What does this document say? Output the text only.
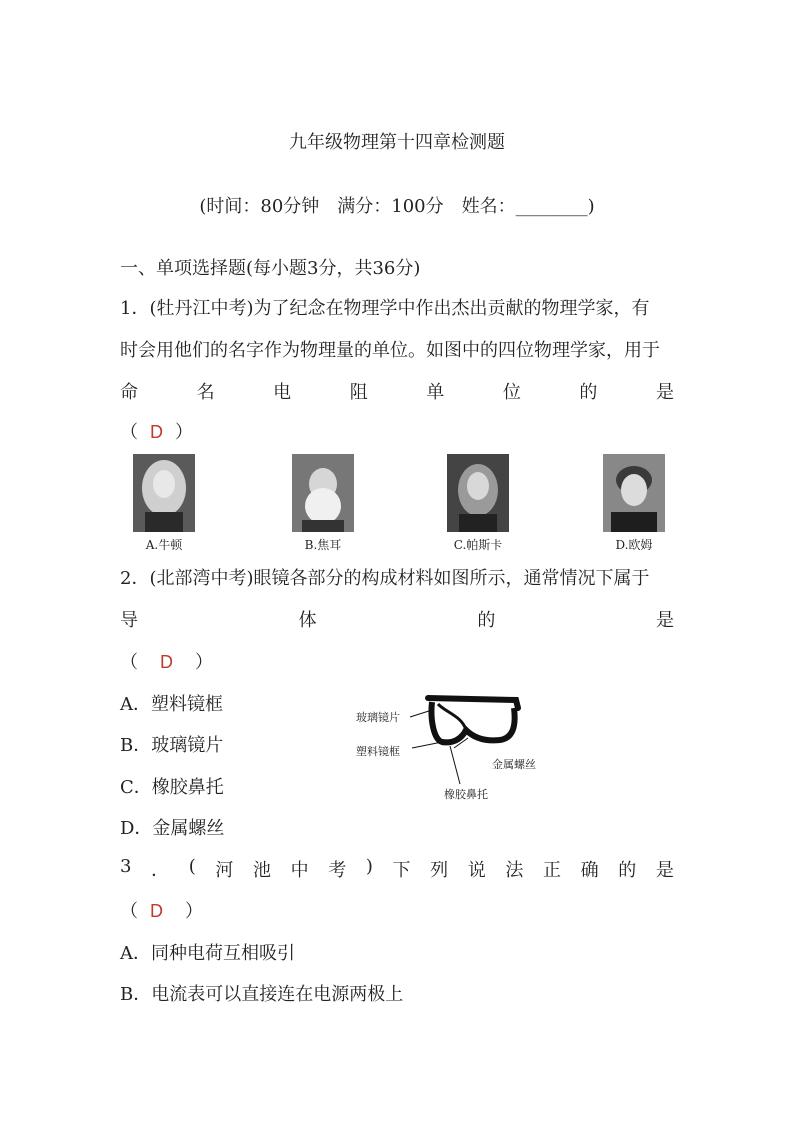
九年级物理第十四章检测题
(时间：80分钟　满分：100分　姓名：________)
一、单项选择题(每小题3分，共36分)
1．(牡丹江中考)为了纪念在物理学中作出杰出贡献的物理学家，有
时会用他们的名字作为物理量的单位。如图中的四位物理学家，用于
命	名	电	阻	单	位	的	是
（ D ）
A.牛顿	B.焦耳	C.帕斯卡	D.欧姆
2．(北部湾中考)眼镜各部分的构成材料如图所示，通常情况下属于
导	体	的	是
（ D ）
A．塑料镜框
B．玻璃镜片
C．橡胶鼻托
D．金属螺丝
玻璃镜片
塑料镜框
金属螺丝
橡胶鼻托
3 ． ( 河 池 中 考 ) 下 列 说 法 正 确 的 是
（ D ）
A．同种电荷互相吸引
B．电流表可以直接连在电源两极上
